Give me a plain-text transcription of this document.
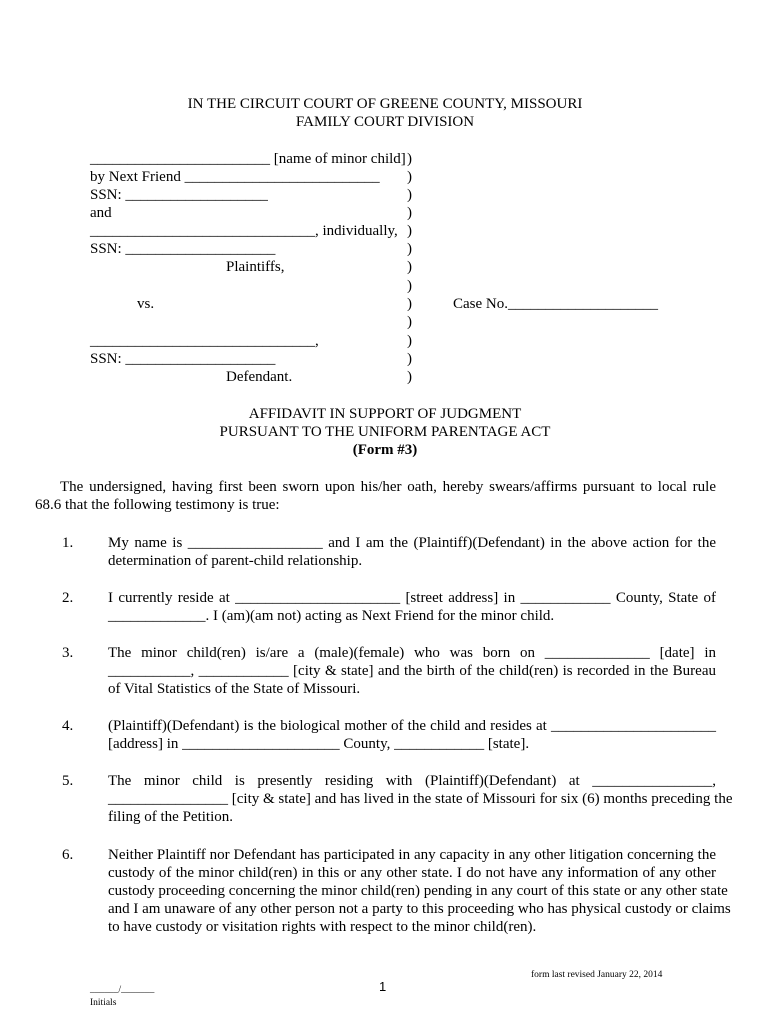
IN THE CIRCUIT COURT OF GREENE COUNTY, MISSOURI
FAMILY COURT DIVISION
________________________ [name of minor child]
by Next Friend __________________________
SSN: ___________________
and
______________________________, individually,
SSN: ____________________
Plaintiffs,
vs.
______________________________,
SSN: ____________________
Defendant.
)
)
)
)
)
)
)
)
)
)
)
)
)
Case No.____________________
AFFIDAVIT IN SUPPORT OF JUDGMENT
PURSUANT TO THE UNIFORM PARENTAGE ACT
(Form #3)
The undersigned, having first been sworn upon his/her oath, hereby swears/affirms pursuant to local rule
68.6 that the following testimony is true:
1. My name is __________________ and I am the (Plaintiff)(Defendant) in the above action for the
determination of parent-child relationship.
2. I currently reside at ______________________ [street address] in ____________ County, State of
_____________. I (am)(am not) acting as Next Friend for the minor child.
3. The minor child(ren) is/are a (male)(female) who was born on ______________ [date] in
___________, ____________ [city & state] and the birth of the child(ren) is recorded in the Bureau
of Vital Statistics of the State of Missouri.
4. (Plaintiff)(Defendant) is the biological mother of the child and resides at ______________________
[address] in _____________________ County, ____________ [state].
5. The minor child is presently residing with (Plaintiff)(Defendant) at ________________,
________________ [city & state] and has lived in the state of Missouri for six (6) months preceding the
filing of the Petition.
6. Neither Plaintiff nor Defendant has participated in any capacity in any other litigation concerning the
custody of the minor child(ren) in this or any other state. I do not have any information of any other
custody proceeding concerning the minor child(ren) pending in any court of this state or any other state
and I am unaware of any other person not a party to this proceeding who has physical custody or claims
to have custody or visitation rights with respect to the minor child(ren).
______/_______
Initials
1
form last revised January 22, 2014
